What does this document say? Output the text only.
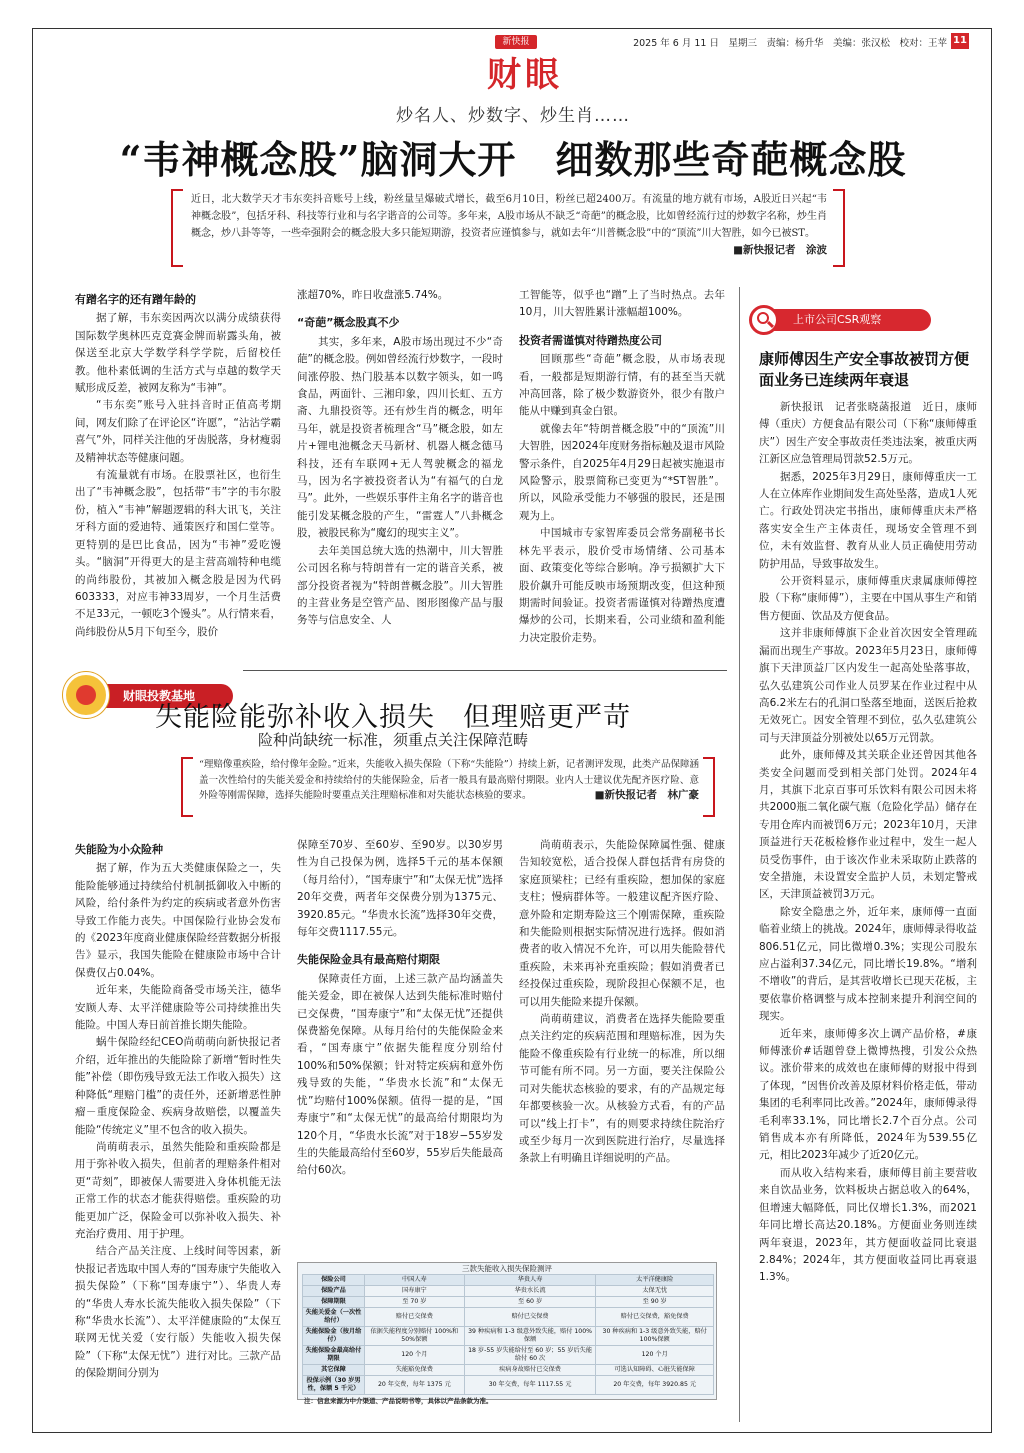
新快报
财眼
2025 年 6 月 11 日　星期三　责编：杨升华　美编：张汉松　校对：王苹 11
炒名人、炒数字、炒生肖……
“韦神概念股”脑洞大开　细数那些奇葩概念股
近日，北大数学天才韦东奕抖音账号上线，粉丝量呈爆破式增长，截至6月10日，粉丝已超2400万。有流量的地方就有市场，A股近日兴起“韦神概念股”，包括牙科、科技等行业和与名字谐音的公司等。多年来，A股市场从不缺乏“奇葩”的概念股，比如曾经流行过的炒数字名称，炒生肖概念，炒八卦等等，一些牵强附会的概念股大多只能短期游，投资者应谨慎参与，就如去年“川普概念股”中的“顶流”川大智胜，如今已被ST。
■新快报记者　涂波
有蹭名字的还有蹭年龄的

据了解，韦东奕因两次以满分成绩获得国际数学奥林匹克竞赛金牌而崭露头角，被保送至北京大学数学科学学院，后留校任教。他朴素低调的生活方式与卓越的数学天赋形成反差，被网友称为“韦神”。

“韦东奕”账号入驻抖音时正值高考期间，网友们除了在评论区“许愿”，“沾沾学霸喜气”外，同样关注他的牙齿脱落，身材瘦弱及精神状态等健康问题。

有流量就有市场。在股票社区，也衍生出了“韦神概念股”，包括带“韦”字的韦尔股份，植入“韦神”解题逻辑的科大讯飞，关注牙科方面的爱迪特、通策医疗和国仁堂等。更特别的是巴比食品，因为“韦神”爱吃馒头。“脑洞”开得更大的是主营高端特种电缆的尚纬股份，其被加入概念股是因为代码603333，对应韦神33周岁，一个月生活费不足33元，一顿吃3个馒头”。从行情来看，尚纬股份从5月下旬至今，股价

涨超70%，昨日收盘涨5.74%。
“奇葩”概念股真不少

其实，多年来，A股市场出现过不少“奇葩”的概念股。例如曾经流行炒数字，一段时间涨停股、热门股基本以数字领头，如一鸣食品，两面针、三湘印象，四川长虹、五方斋、九鼎投资等。还有炒生肖的概念，明年马年，就是投资者梳理含“马”概念股，如左片+锂电池概念天马新材、机器人概念德马科技，还有车联网+无人驾驶概念的福龙马，因为名字被投资者认为“有福气的白龙马”。此外，一些娱乐事件主角名字的谐音也能引发某概念股的产生，“雷霆人”八卦概念股，被股民称为“魔幻的现实主义”。

去年美国总统大选的热潮中，川大智胜公司因名称与特朗普有一定的谐音关系，被部分投资者视为“特朗普概念股”。川大智胜的主营业务是空管产品、图形图像产品与服务等与信息安全、人

工智能等，似乎也“蹭”上了当时热点。去年10月，川大智胜累计涨幅超100%。
投资者需谨慎对待蹭热度公司

回顾那些“奇葩”概念股，从市场表现看，一般都是短期游行情，有的甚至当天就冲高回落，除了极少数游资外，很少有散户能从中赚到真金白银。

就像去年“特朗普概念股”中的“顶流”川大智胜，因2024年度财务指标触及退市风险警示条件，自2025年4月29日起被实施退市风险警示，股票简称已变更为“*ST智胜”。所以，风险承受能力不够强的股民，还是围观为上。

中国城市专家智库委员会常务副秘书长林先平表示，股价受市场情绪、公司基本面、政策变化等综合影响。净亏损额扩大下股价飙升可能反映市场预期改变，但这种预期需时间验证。投资者需谨慎对待蹭热度遭爆炒的公司，长期来看，公司业绩和盈利能力决定股价走势。

上市公司CSR观察
康师傅因生产安全事故被罚方便面业务已连续两年衰退

新快报讯　记者张晓菡报道　近日，康师傅（重庆）方便食品有限公司（下称“康师傅重庆”）因生产安全事故责任类违法案，被重庆两江新区应急管理局罚款52.5万元。

据悉，2025年3月29日，康师傅重庆一工人在立体库作业期间发生高处坠落，造成1人死亡。行政处罚决定书指出，康师傅重庆未严格落实安全生产主体责任，现场安全管理不到位，未有效监督、教育从业人员正确使用劳动防护用品，导致事故发生。

公开资料显示，康师傅重庆隶属康师傅控股（下称“康师傅”），主要在中国从事生产和销售方便面、饮品及方便食品。

这并非康师傅旗下企业首次因安全管理疏漏而出现生产事故。2023年5月23日，康师傅旗下天津顶益厂区内发生一起高处坠落事故，弘久弘建筑公司作业人员罗某在作业过程中从高6.2米左右的孔洞口坠落至地面，送医后抢救无效死亡。因安全管理不到位，弘久弘建筑公司与天津顶益分别被处以65万元罚款。

此外，康师傅及其关联企业还曾因其他各类安全问题而受到相关部门处罚。2024年4月，其旗下北京百事可乐饮料有限公司因未将共2000瓶二氧化碳气瓶（危险化学品）储存在专用仓库内而被罚6万元；2023年10月，天津顶益进行天花板检修作业过程中，发生一起人员受伤事件，由于该次作业未采取防止跌落的安全措施，未设置安全监护人员，未划定警戒区，天津顶益被罚3万元。

除安全隐患之外，近年来，康师傅一直面临着业绩上的挑战。2024年，康师傅录得收益806.51亿元，同比微增0.3%；实现公司股东应占溢利37.34亿元，同比增长19.8%。“增利不增收”的背后，是其营收增长已现天花板，主要依靠价格调整与成本控制来提升利润空间的现实。

近年来，康师傅多次上调产品价格，#康师傅涨价#话题曾登上微博热搜，引发公众热议。涨价带来的成效也在康师傅的财报中得到了体现，“因售价改善及原材料价格走低，带动集团的毛利率同比改善。”2024年，康师傅录得毛利率33.1%，同比增长2.7个百分点。公司销售成本亦有所降低，2024年为539.55亿元，相比2023年减少了近20亿元。

而从收入结构来看，康师傅目前主要营收来自饮品业务，饮料板块占据总收入的64%，但增速大幅降低，同比仅增长1.3%，而2021年同比增长高达20.18%。方便面业务则连续两年衰退，2023年，其方便面收益同比衰退2.84%；2024年，其方便面收益同比再衰退1.3%。

财眼投教基地
失能险能弥补收入损失　但理赔更严苛
险种尚缺统一标准，须重点关注保障范畴
“理赔像重疾险，给付像年金险。”近来，失能收入损失保险（下称“失能险”）持续上新，记者测评发现，此类产品保障涵盖一次性给付的失能关爱金和持续给付的失能保险金，后者一般具有最高赔付期限。业内人士建议优先配齐医疗险、意外险等刚需保障，选择失能险时要重点关注理赔标准和对失能状态核验的要求。	■新快报记者　林广豪
失能险为小众险种

据了解，作为五大类健康保险之一，失能险能够通过持续给付机制抵御收入中断的风险，给付条件为约定的疾病或者意外伤害导致工作能力丧失。中国保险行业协会发布的《2023年度商业健康保险经营数据分析报告》显示，我国失能险在健康险市场中合计保费仅占0.04%。

近年来，失能险商备受市场关注，德华安顾人寿、太平洋健康险等公司持续推出失能险。中国人寿日前首推长期失能险。

蜗牛保险经纪CEO尚萌萌向新快报记者介绍，近年推出的失能险除了新增“暂时性失能”补偿（即伤残导致无法工作收入损失）这种降低“理赔门槛”的责任外，还新增恶性肿瘤－重度保险金、疾病身故赔偿，以覆盖失能险“传统定义”里不包含的收入损失。

尚萌萌表示，虽然失能险和重疾险都是用于弥补收入损失，但前者的理赔条件相对更“苛刻”，即被保人需要进入身体机能无法正常工作的状态才能获得赔偿。重疾险的功能更加广泛，保险金可以弥补收入损失、补充治疗费用、用于护理。

结合产品关注度、上线时间等因素，新快报记者选取中国人寿的“国寿康宁失能收入损失保险”（下称“国寿康宁”）、华贵人寿的“华贵人寿水长流失能收入损失保险”（下称“华贵水长流”）、太平洋健康险的“太保互联网无忧关爱（安行版）失能收入损失保险”（下称“太保无忧”）进行对比。三款产品的保险期间分别为

保障至70岁、至60岁、至90岁。以30岁男性为自己投保为例，选择5千元的基本保额（每月给付），“国寿康宁”和“太保无忧”选择20年交费，两者年交保费分别为1375元、3920.85元。“华贵水长流”选择30年交费，每年交费1117.55元。
失能保险金具有最高赔付期限

保障责任方面，上述三款产品均涵盖失能关爱金，即在被保人达到失能标准时赔付已交保费，“国寿康宁”和“太保无忧”还提供保费豁免保障。从每月给付的失能保险金来看，“国寿康宁”依据失能程度分别给付100%和50%保额；针对特定疾病和意外伤残导致的失能，“华贵水长流”和“太保无忧”均赔付100%保额。值得一提的是，“国寿康宁”和“太保无忧”的最高给付期限均为120个月，“华贵水长流”对于18岁−55岁发生的失能最高给付至60岁，55岁后失能最高给付60次。

尚萌萌表示，失能险保障属性强、健康告知较宽松，适合投保人群包括背有房贷的家庭顶梁柱；已经有重疾险，想加保的家庭支柱；慢病群体等。一般建议配齐医疗险、意外险和定期寿险这三个刚需保障，重疾险和失能险则根据实际情况进行选择。假如消费者的收入情况不允许，可以用失能险替代重疾险，未来再补充重疾险；假如消费者已经投保过重疾险，现阶段担心保额不足，也可以用失能险来提升保额。

尚萌萌建议，消费者在选择失能险要重点关注约定的疾病范围和理赔标准，因为失能险不像重疾险有行业统一的标准，所以细节可能有所不同。另一方面，要关注保险公司对失能状态核验的要求，有的产品规定每年都要核验一次。从核验方式看，有的产品可以“线上打卡”，有的则要求持续住院治疗或至少每月一次到医院进行治疗，尽量选择条款上有明确且详细说明的产品。

三款失能收入损失保险测评
保险公司	中国人寿	华贵人寿	太平洋健康险
保险产品	国寿康宁	华贵水长流	太保无忧
保障期限	至 70 岁	至 60 岁	至 90 岁
失能关爱金（一次性给付）	赔付已交保费	赔付已交保费	赔付已交保费，豁免保费
失能保险金（按月给付）	依据失能程度分别赔付 100%和 50%保额	39 种疾病和 1-3 级意外致失能，赔付 100%保额	30 种疾病和 1-3 级意外致失能，赔付 100%保额
失能保险金最高给付期限	120 个月	18 岁-55 岁失能给付至 60 岁；55 岁后失能给付 60 次	120 个月
其它保障	失能豁免保费	疾病身故赔付已交保费	可选认知障碍、心脏失能保障
投保示例（30 岁男性，保额 5 千元）	20 年交费，每年 1375 元	30 年交费，每年 1117.55 元	20 年交费，每年 3920.85 元
注：信息来源为中介渠道、产品说明书等，具体以产品条款为准。
